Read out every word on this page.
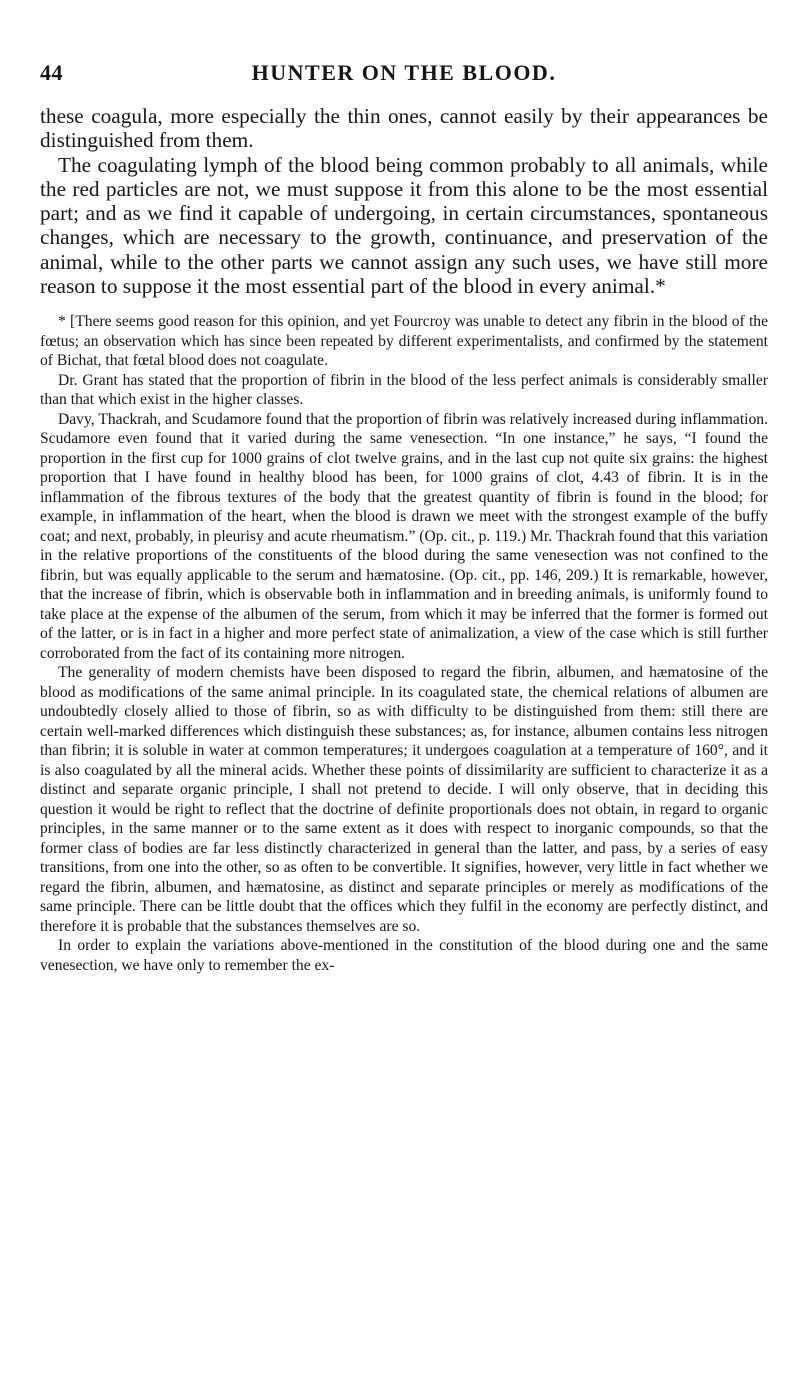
44	HUNTER ON THE BLOOD.

these coagula, more especially the thin ones, cannot easily by their appearances be distinguished from them.

The coagulating lymph of the blood being common probably to all animals, while the red particles are not, we must suppose it from this alone to be the most essential part; and as we find it capable of undergoing, in certain circumstances, spontaneous changes, which are necessary to the growth, continuance, and preservation of the animal, while to the other parts we cannot assign any such uses, we have still more reason to suppose it the most essential part of the blood in every animal.*

* [There seems good reason for this opinion, and yet Fourcroy was unable to detect any fibrin in the blood of the fœtus; an observation which has since been repeated by different experimentalists, and confirmed by the statement of Bichat, that fœtal blood does not coagulate.

Dr. Grant has stated that the proportion of fibrin in the blood of the less perfect animals is considerably smaller than that which exist in the higher classes.

Davy, Thackrah, and Scudamore found that the proportion of fibrin was relatively increased during inflammation. Scudamore even found that it varied during the same venesection. “In one instance,” he says, “I found the proportion in the first cup for 1000 grains of clot twelve grains, and in the last cup not quite six grains: the highest proportion that I have found in healthy blood has been, for 1000 grains of clot, 4.43 of fibrin. It is in the inflammation of the fibrous textures of the body that the greatest quantity of fibrin is found in the blood; for example, in inflammation of the heart, when the blood is drawn we meet with the strongest example of the buffy coat; and next, probably, in pleurisy and acute rheumatism.” (Op. cit., p. 119.) Mr. Thackrah found that this variation in the relative proportions of the constituents of the blood during the same venesection was not confined to the fibrin, but was equally applicable to the serum and hæmatosine. (Op. cit., pp. 146, 209.) It is remarkable, however, that the increase of fibrin, which is observable both in inflammation and in breeding animals, is uniformly found to take place at the expense of the albumen of the serum, from which it may be inferred that the former is formed out of the latter, or is in fact in a higher and more perfect state of animalization, a view of the case which is still further corroborated from the fact of its containing more nitrogen.

The generality of modern chemists have been disposed to regard the fibrin, albumen, and hæmatosine of the blood as modifications of the same animal principle. In its coagulated state, the chemical relations of albumen are undoubtedly closely allied to those of fibrin, so as with difficulty to be distinguished from them: still there are certain well-marked differences which distinguish these substances; as, for instance, albumen contains less nitrogen than fibrin; it is soluble in water at common temperatures; it undergoes coagulation at a temperature of 160°, and it is also coagulated by all the mineral acids. Whether these points of dissimilarity are sufficient to characterize it as a distinct and separate organic principle, I shall not pretend to decide. I will only observe, that in deciding this question it would be right to reflect that the doctrine of definite proportionals does not obtain, in regard to organic principles, in the same manner or to the same extent as it does with respect to inorganic compounds, so that the former class of bodies are far less distinctly characterized in general than the latter, and pass, by a series of easy transitions, from one into the other, so as often to be convertible. It signifies, however, very little in fact whether we regard the fibrin, albumen, and hæmatosine, as distinct and separate principles or merely as modifications of the same principle. There can be little doubt that the offices which they fulfil in the economy are perfectly distinct, and therefore it is probable that the substances themselves are so.

In order to explain the variations above-mentioned in the constitution of the blood during one and the same venesection, we have only to remember the ex-
